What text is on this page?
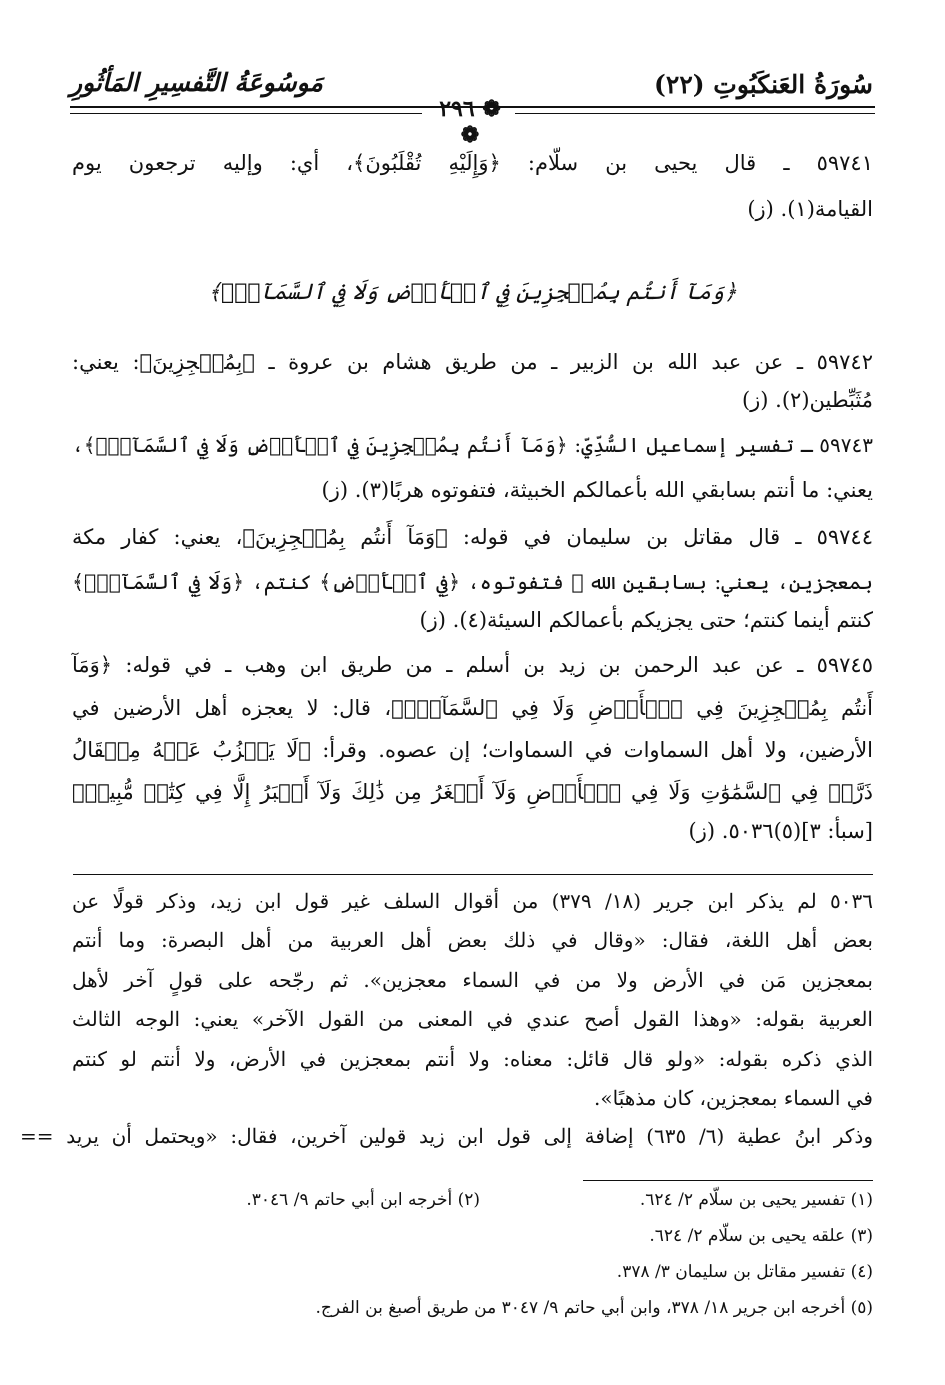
سُورَةُ العَنكَبُوتِ (٢٢)
مَوسُوعَةُ التَّفسِيرِ المَأثُورِ
❁ ٢٩٦ ❁
٥٩٧٤١ ـ قال يحيى بن سلّام: ﴿وَإِلَيْهِ تُقْلَبُونَ﴾، أي: وإليه ترجعون يوم
القيامة(١). (ز)
﴿وَمَآ أَنتُم بِمُعۡجِزِينَ فِي ٱلۡأَرۡضِ وَلَا فِي ٱلسَّمَآءِۖ﴾
٥٩٧٤٢ ـ عن عبد الله بن الزبير ـ من طريق هشام بن عروة ـ ﴿بِمُعۡجِزِينَ﴾: يعني:
مُثَبِّطين(٢). (ز)
٥٩٧٤٣ ـ تفسير إسماعيل السُّدِّيّ: ﴿وَمَآ أَنتُم بِمُعۡجِزِينَ فِي ٱلۡأَرۡضِ وَلَا فِي ٱلسَّمَآءِۖ﴾،
يعني: ما أنتم بسابقي الله بأعمالكم الخبيثة، فتفوتوه هربًا(٣). (ز)
٥٩٧٤٤ ـ قال مقاتل بن سليمان في قوله: ﴿وَمَآ أَنتُم بِمُعۡجِزِينَ﴾، يعني: كفار مكة
بمعجزين، يعني: بسابقين الله ﷻ فتفوتوه، ﴿فِي ٱلۡأَرۡضِ﴾ كنتم، ﴿وَلَا فِي ٱلسَّمَآءِۖ﴾
كنتم أينما كنتم؛ حتى يجزيكم بأعمالكم السيئة(٤). (ز)
٥٩٧٤٥ ـ عن عبد الرحمن بن زيد بن أسلم ـ من طريق ابن وهب ـ في قوله: ﴿وَمَآ
أَنتُم بِمُعۡجِزِينَ فِي ٱلۡأَرۡضِ وَلَا فِي ٱلسَّمَآءِۖ﴾، قال: لا يعجزه أهل الأرضين في
الأرضين، ولا أهل السماوات في السماوات؛ إن عصوه. وقرأ: ﴿لَا يَعۡزُبُ عَنۡهُ مِثۡقَالُ
ذَرَّةٖ فِي ٱلسَّمَٰوَٰتِ وَلَا فِي ٱلۡأَرۡضِ وَلَآ أَصۡغَرُ مِن ذَٰلِكَ وَلَآ أَكۡبَرُ إِلَّا فِي كِتَٰبٖ مُّبِينٖ﴾
[سبأ: ٣](٥)٥٠٣٦. (ز)
٥٠٣٦ لم يذكر ابن جرير (١٨/ ٣٧٩) من أقوال السلف غير قول ابن زيد، وذكر قولًا عن
بعض أهل اللغة، فقال: «وقال في ذلك بعض أهل العربية من أهل البصرة: وما أنتم
بمعجزين مَن في الأرض ولا من في السماء معجزين». ثم رجّحه على قولٍ آخر لأهل
العربية بقوله: «وهذا القول أصح عندي في المعنى من القول الآخر» يعني: الوجه الثالث
الذي ذكره بقوله: «ولو قال قائل: معناه: ولا أنتم بمعجزين في الأرض، ولا أنتم لو كنتم
في السماء بمعجزين، كان مذهبًا».
وذكر ابنُ عطية (٦/ ٦٣٥) إضافة إلى قول ابن زيد قولين آخرين، فقال: «ويحتمل أن يريد ==
(١) تفسير يحيى بن سلّام ٢/ ٦٢٤.
(٢) أخرجه ابن أبي حاتم ٩/ ٣٠٤٦.
(٣) علقه يحيى بن سلّام ٢/ ٦٢٤.
(٤) تفسير مقاتل بن سليمان ٣/ ٣٧٨.
(٥) أخرجه ابن جرير ١٨/ ٣٧٨، وابن أبي حاتم ٩/ ٣٠٤٧ من طريق أصبغ بن الفرج.
